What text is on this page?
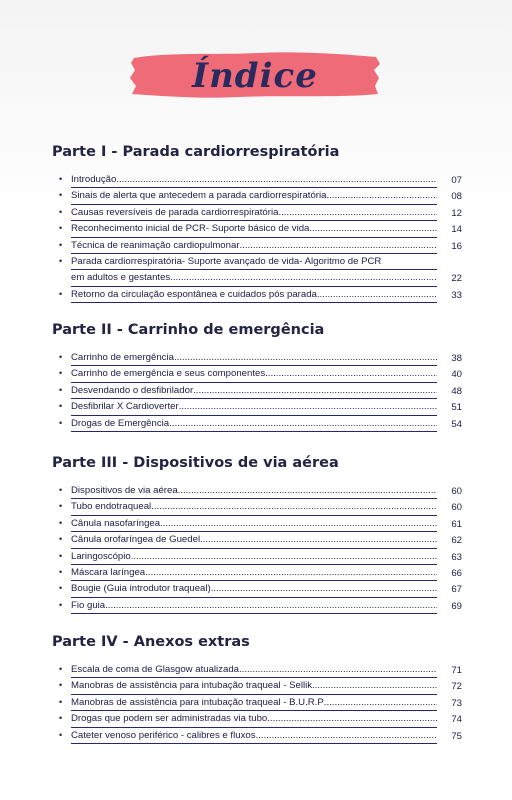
Índice
Parte I - Parada cardiorrespiratória
• Introdução .....	07
• Sinais de alerta que antecedem a parada cardiorrespiratória .....	08
• Causas reversíveis de parada cardiorrespiratória .....	12
• Reconhecimento inicial de PCR- Suporte básico de vida .....	14
• Técnica de reanimação cardiopulmonar .....	16
• Parada cardiorrespiratória- Suporte avançado de vida- Algoritmo de PCR
em adultos e gestantes .....	22
• Retorno da circulação espontânea e cuidados pós parada .....	33
Parte II - Carrinho de emergência
• Carrinho de emergência .....	38
• Carrinho de emergência e seus componentes .....	40
• Desvendando o desfibrilador .....	48
• Desfibrilar X Cardioverter .....	51
• Drogas de Emergência .....	54
Parte III - Dispositivos de via aérea
• Dispositivos de via aérea .....	60
• Tubo endotraqueal .....	60
• Cânula nasofaríngea .....	61
• Cânula orofaríngea de Guedel .....	62
• Laringoscópio .....	63
• Máscara laríngea .....	66
• Bougie (Guia introdutor traqueal) .....	67
• Fio guia .....	69
Parte IV - Anexos extras
• Escala de coma de Glasgow atualizada .....	71
• Manobras de assistência para intubação traqueal - Sellik .....	72
• Manobras de assistência para intubação traqueal - B.U.R.P .....	73
• Drogas que podem ser administradas via tubo .....	74
• Cateter venoso periférico - calibres e fluxos .....	75
